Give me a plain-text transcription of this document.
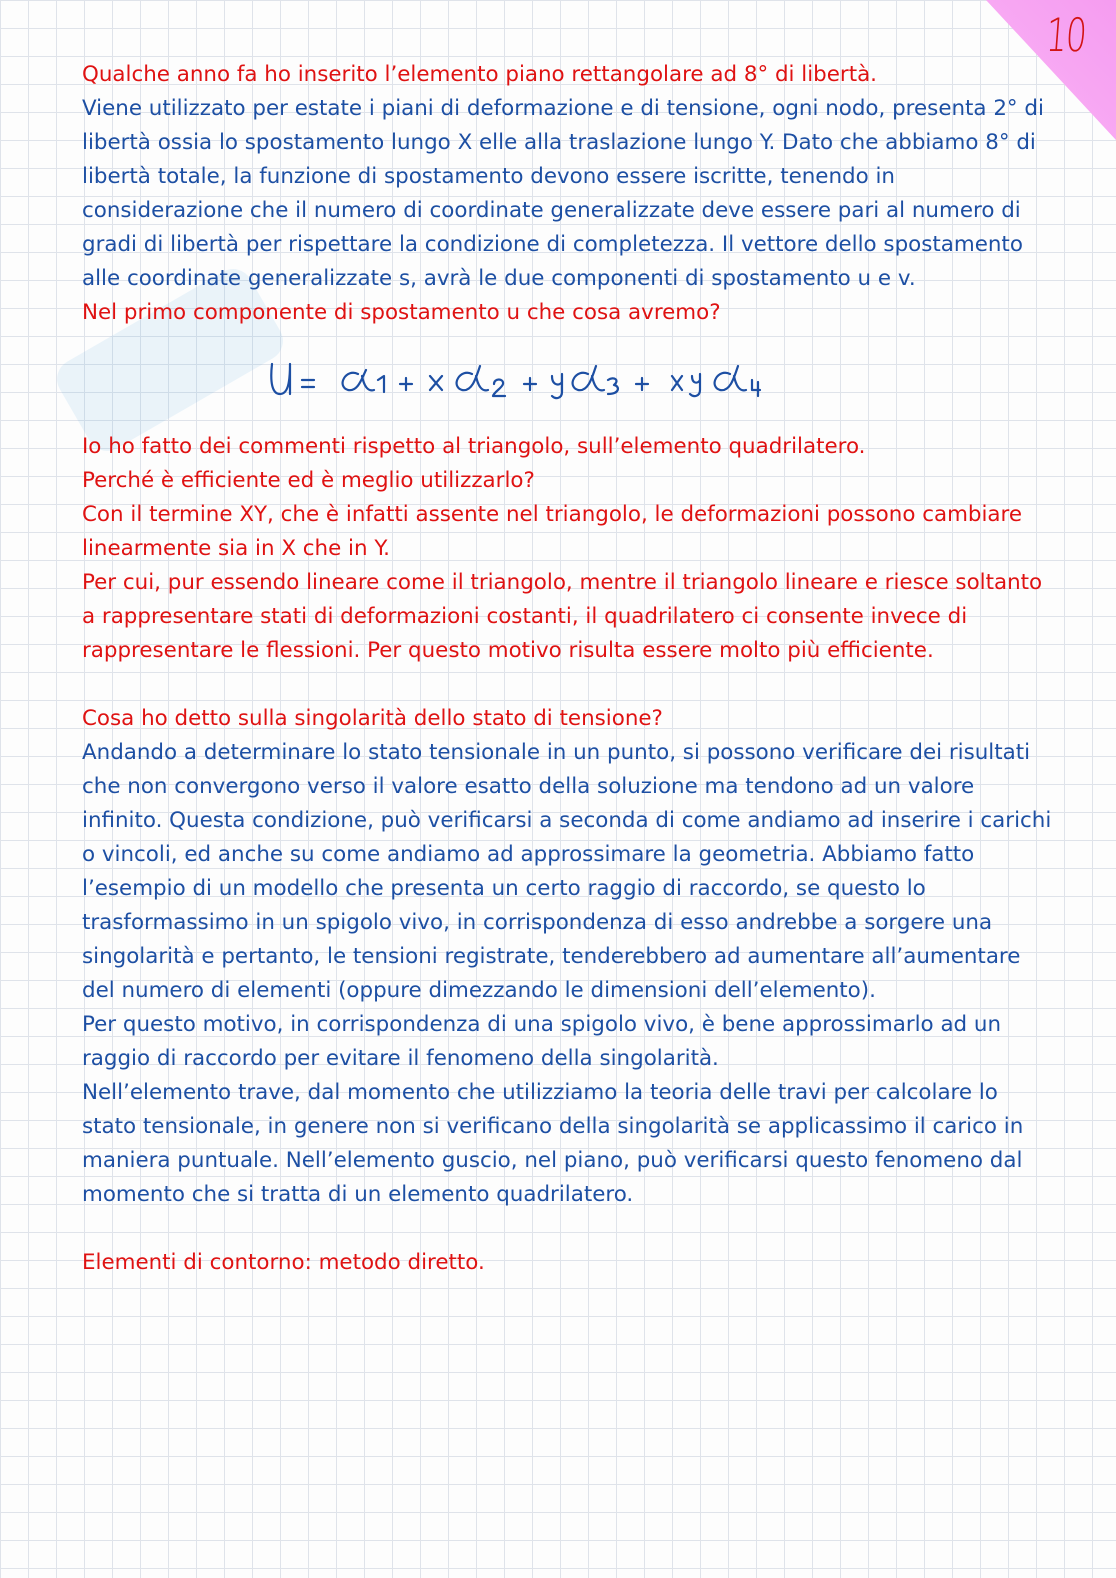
10

Qualche anno fa ho inserito l’elemento piano rettangolare ad 8° di libertà.

Viene utilizzato per estate i piani di deformazione e di tensione, ogni nodo, presenta 2° di libertà ossia lo spostamento lungo X elle alla traslazione lungo Y. Dato che abbiamo 8° di libertà totale, la funzione di spostamento devono essere iscritte, tenendo in considerazione che il numero di coordinate generalizzate deve essere pari al numero di gradi di libertà per rispettare la condizione di completezza. Il vettore dello spostamento alle coordinate generalizzate s, avrà le due componenti di spostamento u e v.

Nel primo componente di spostamento u che cosa avremo?

Io ho fatto dei commenti rispetto al triangolo, sull’elemento quadrilatero.

Perché è efficiente ed è meglio utilizzarlo?

Con il termine XY, che è infatti assente nel triangolo, le deformazioni possono cambiare linearmente sia in X che in Y.

Per cui, pur essendo lineare come il triangolo, mentre il triangolo lineare e riesce soltanto a rappresentare stati di deformazioni costanti, il quadrilatero ci consente invece di rappresentare le flessioni. Per questo motivo risulta essere molto più efficiente.

Cosa ho detto sulla singolarità dello stato di tensione?

Andando a determinare lo stato tensionale in un punto, si possono verificare dei risultati che non convergono verso il valore esatto della soluzione ma tendono ad un valore infinito. Questa condizione, può verificarsi a seconda di come andiamo ad inserire i carichi o vincoli, ed anche su come andiamo ad approssimare la geometria. Abbiamo fatto l’esempio di un modello che presenta un certo raggio di raccordo, se questo lo trasformassimo in un spigolo vivo, in corrispondenza di esso andrebbe a sorgere una singolarità e pertanto, le tensioni registrate, tenderebbero ad aumentare all’aumentare del numero di elementi (oppure dimezzando le dimensioni dell’elemento).

Per questo motivo, in corrispondenza di una spigolo vivo, è bene approssimarlo ad un raggio di raccordo per evitare il fenomeno della singolarità.

Nell’elemento trave, dal momento che utilizziamo la teoria delle travi per calcolare lo stato tensionale, in genere non si verificano della singolarità se applicassimo il carico in maniera puntuale. Nell’elemento guscio, nel piano, può verificarsi questo fenomeno dal momento che si tratta di un elemento quadrilatero.

Elementi di contorno: metodo diretto.
